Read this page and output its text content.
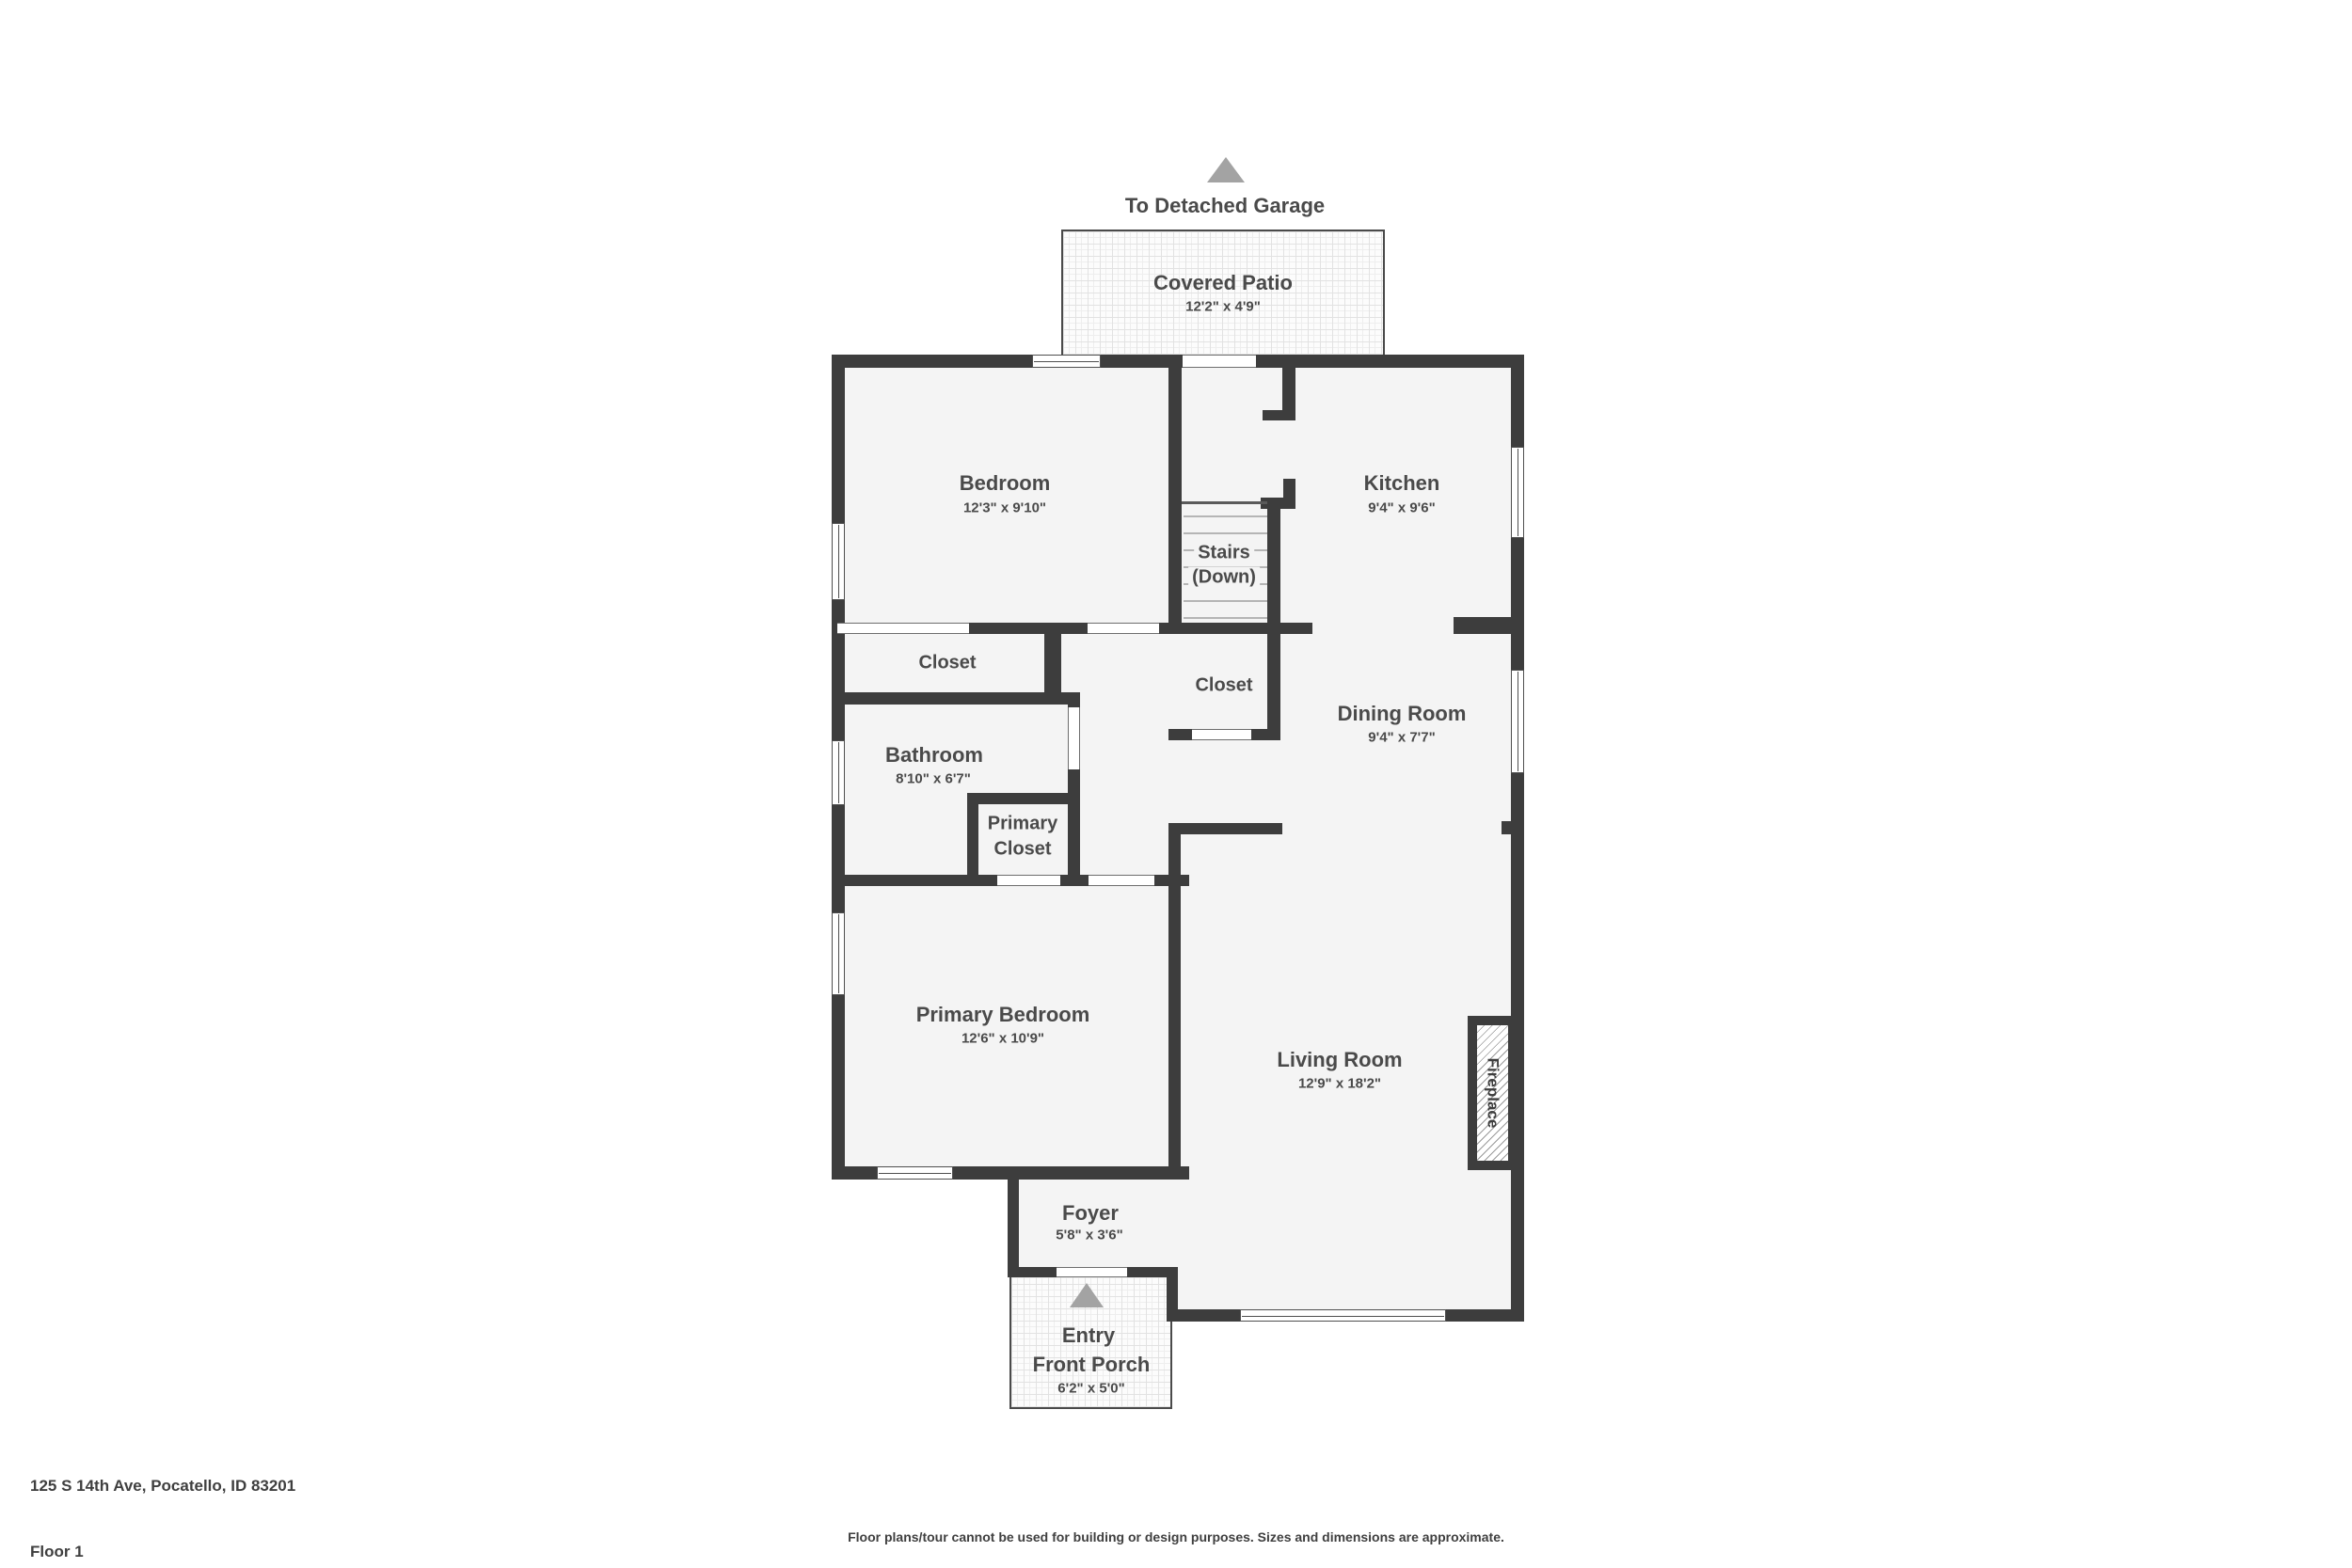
To Detached Garage
Covered Patio
12'2" x 4'9"
Fireplace
Bedroom
12'3" x 9'10"
Kitchen
9'4" x 9'6"
Stairs
(Down)
Closet
Closet
Dining Room
9'4" x 7'7"
Bathroom
8'10" x 6'7"
Primary
Closet
Primary Bedroom
12'6" x 10'9"
Living Room
12'9" x 18'2"
Foyer
5'8" x 3'6"
Entry
Front Porch
6'2" x 5'0"
125 S 14th Ave, Pocatello, ID 83201
Floor 1
Floor plans/tour cannot be used for building or design purposes. Sizes and dimensions are approximate.
